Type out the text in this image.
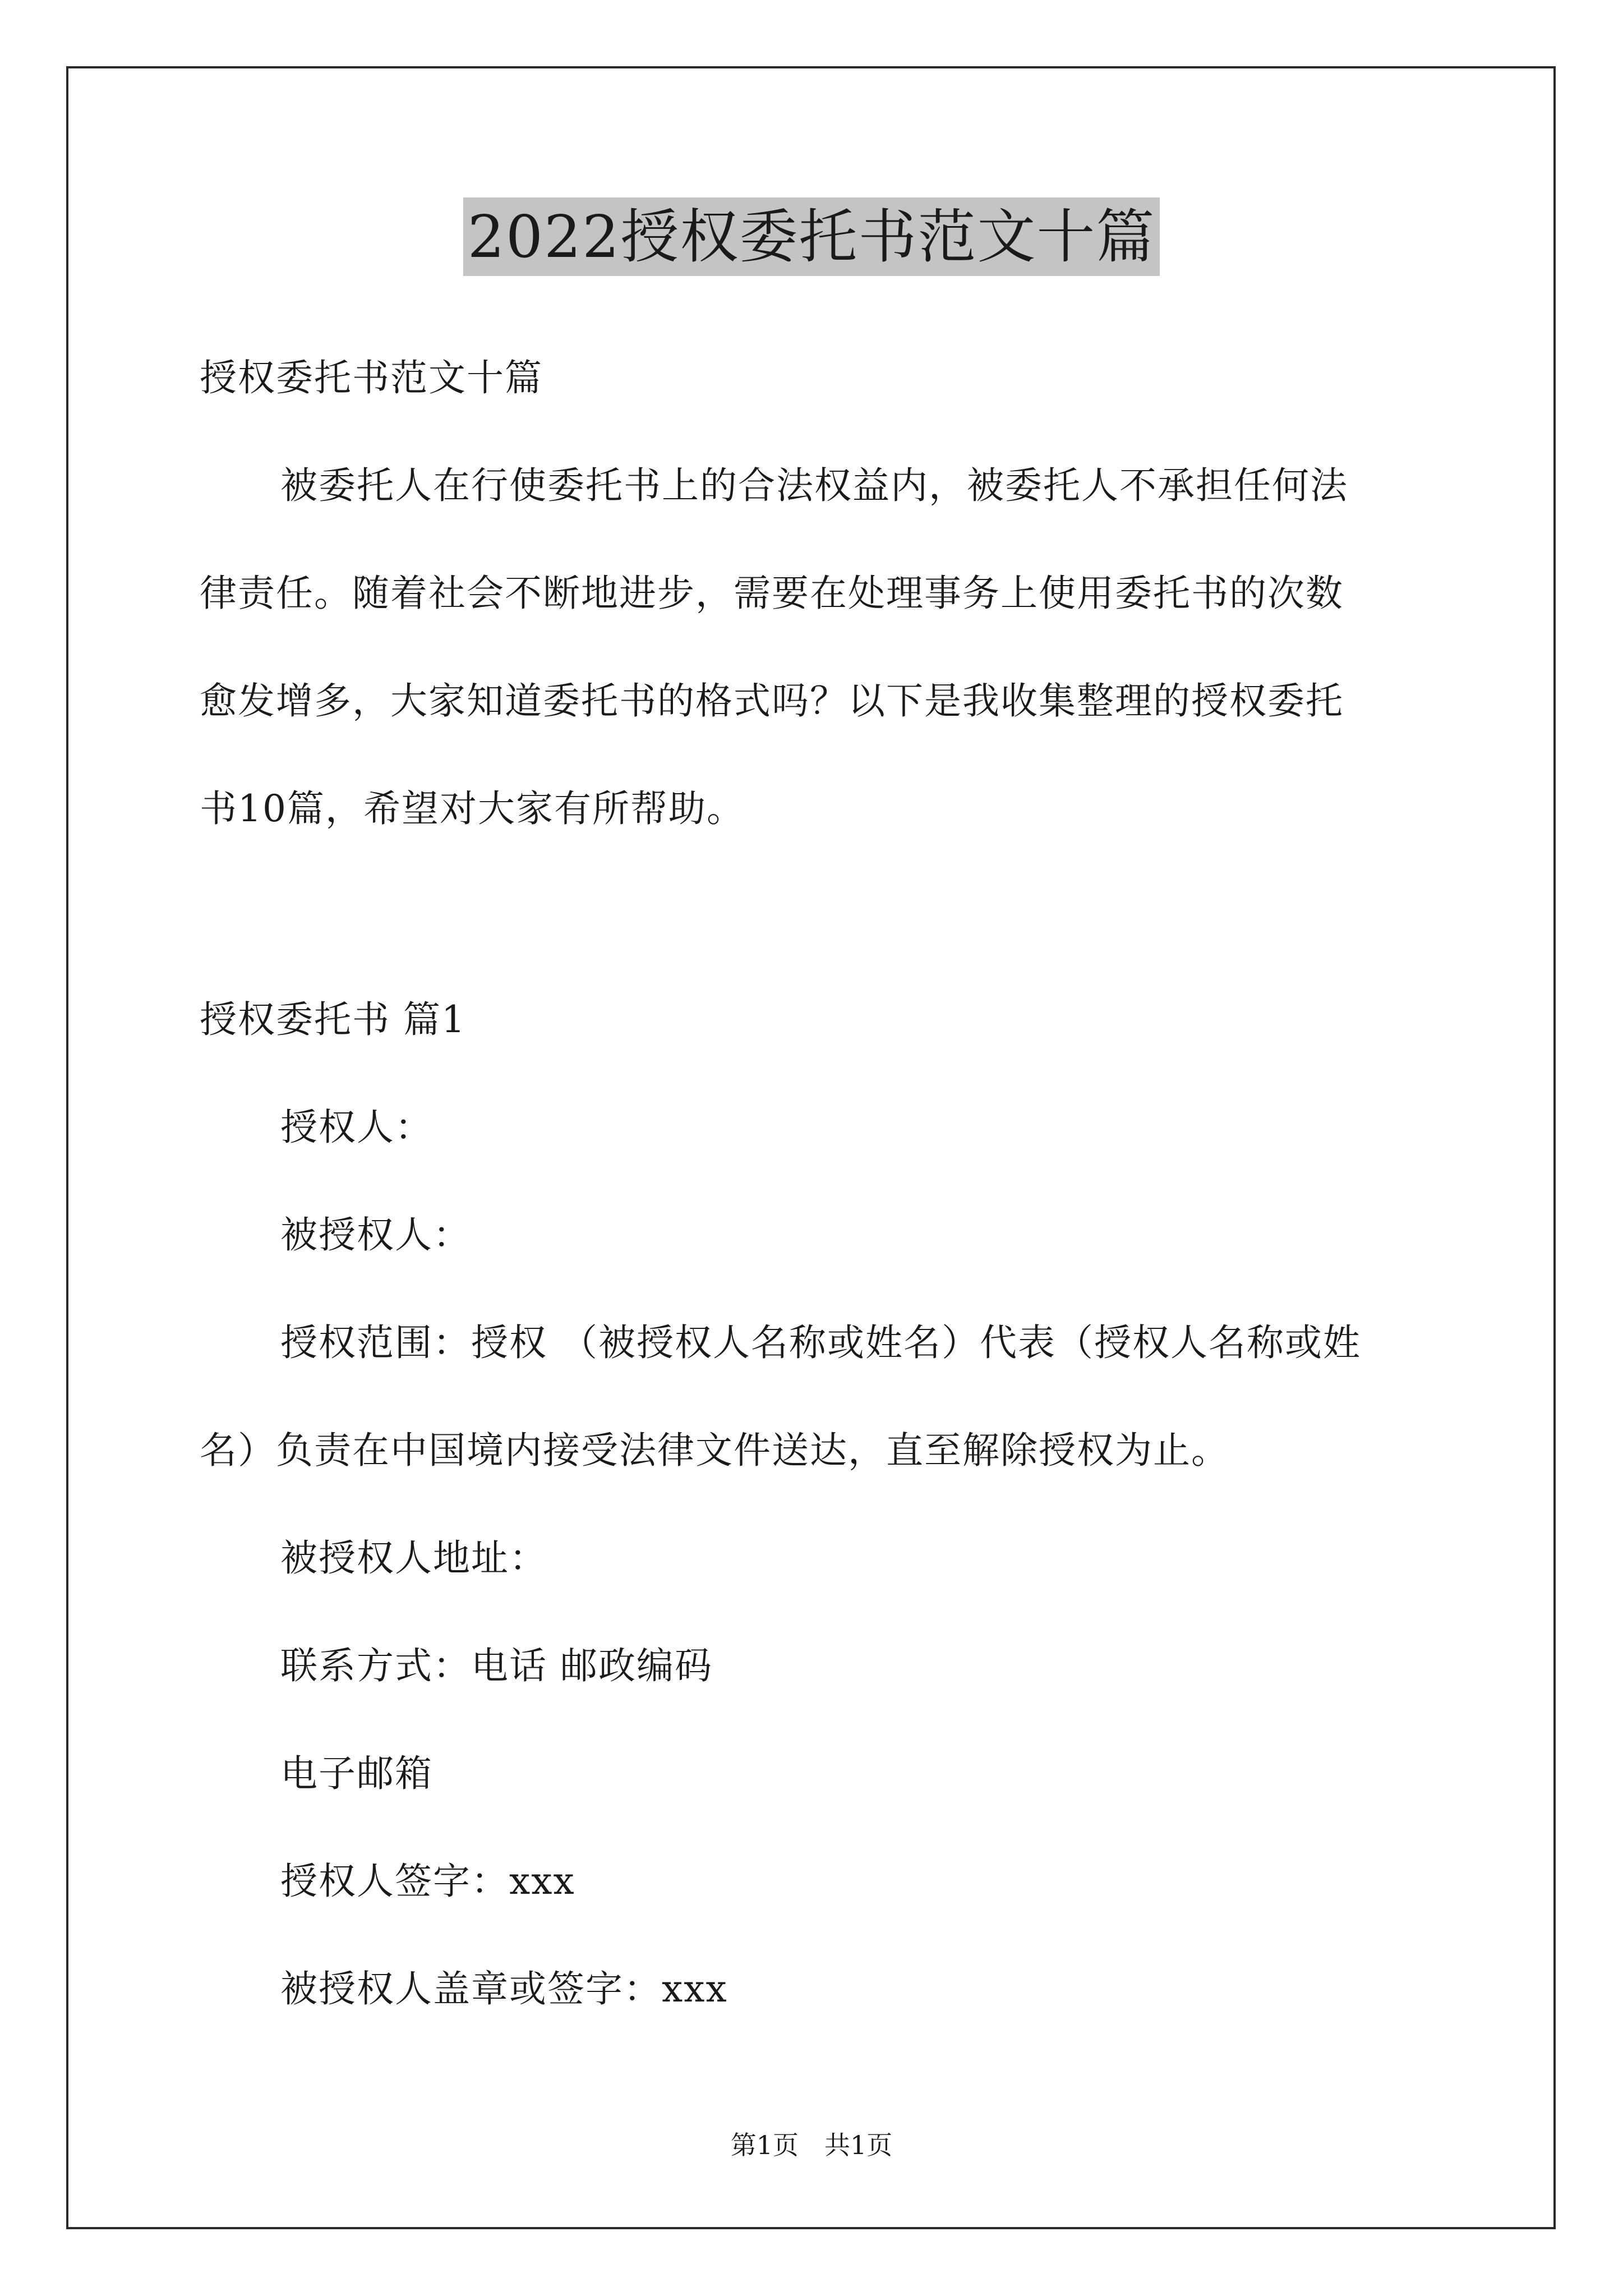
2022授权委托书范文十篇
授权委托书范文十篇
被委托人在行使委托书上的合法权益内，被委托人不承担任何法
律责任。随着社会不断地进步，需要在处理事务上使用委托书的次数
愈发增多，大家知道委托书的格式吗？以下是我收集整理的授权委托
书10篇，希望对大家有所帮助。
授权委托书 篇1
授权人：
被授权人：
授权范围：授权 （被授权人名称或姓名）代表（授权人名称或姓
名）负责在中国境内接受法律文件送达，直至解除授权为止。
被授权人地址：
联系方式：电话 邮政编码
电子邮箱
授权人签字：xxx
被授权人盖章或签字：xxx
第1页　共1页
